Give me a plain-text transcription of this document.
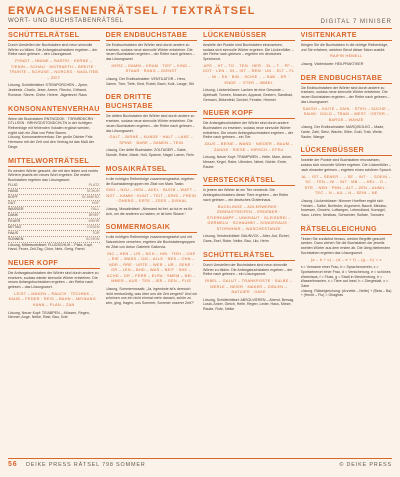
ERWACHSENENRÄTSEL / TEXTRÄTSEL
WORT- UND BUCHSTABENRÄTSEL	DIGITAL 7 MINISER
SCHÜTTELRÄTSEL
Durch Umstellen der Buchstaben sind neun sinnvolle Wörter zu bilden. Die Anfangsbuchstaben ergeben – der Reihe nach gelesen – den Lösungswort.
PONDT – NNIME – RARTEI · KERNE – TIENIN – SCHAU · WSTRAETH – BREITE · TRÜNTE – SCHÜSE – NORCEG · NAGLITEB – ZEIT
Lösung, Schüttelrätsel: STEINPORCHEN – Zpem, Jeabesle, Charlo, Jeser, Arrere, Fliecho, Orthand, Romece, Stevre, Chirte, Heiere, Jägertezel, Raus
KONSONANTENVERHAU
Wenn die Buchstaben RNTNGDOK · TSRNRDKCRN · DTLLSSN · BRHVGDSTGNDCHLTN in der richtigen Reihenfolge mit fehlenden Vokalen ergänzt werden, ergibt sich ein Zitat von Peter Bamm.
Lösung, Konsonantenverhau: Der große Dichter Fritz Hermann mit der Zeit und den Vertrag ist das Maß der Dinge.
MITTELWORTRÄTSEL
Es werden Wörter gesucht, die mit den linken und rechts Wörtern jeweils ein neues Wort ergeben. Die ersten Buchstaben ergeben das Lösungswort.
FLUG	PLATZ
HAND	SCHUH
KOPF	SCHMERZ
GUT	HOF
WASSER	FALL
DANK	BRIEF
FEUER	WEHR
MITTAG	ESSEN
HAUS	TÜR
SONNEN	SCHEIN
Lösung, Mittelworträtsel: FLUGSCHUH – Platz, Kopf, Hand, Feuer, Zeil-Tag, Chiur, Netz, Gerig, Pamd
NEUER KOPF
Die Anfangsbuchstaben der Wörter sind durch andere zu ersetzen, sodass wieder sinnvolle Wörter entstehen. Die neuen Anfangsbuchstaben ergeben – der Reihe nach gelesen – das Lösungswort.
LEIST – MAKEN – RAUCH · TECHNIK – KAUB – FEDER · REIS – BAHN – MEINUNG · KANN – PLAN – ZAN
Lösung, Neuer Kopf: TEIABPEN – Müssen, Regen, Nenner, Auge, Nelke, Rast, Bau, Gott
DER ENDBUCHSTABE
Die Endbuchstaben der Wörter sind durch andere zu ersetzen, sodass neue sinnvolle Wörter entstehen. Die neuen Buchstaben ergeben – der Reihe nach gelesen – das Lösungswort.
HERZ – DAMM – KRAM · TIEF – KIND – STAAR · RANG – DIENST
Lösung, Der Endbuchstabe: VENTILATOR – Hero, Damm, Trier, Tiefe, Kind, Rubel, Bach, Kolk, Lauge, Stir
DER DRITTE BUCHSTABE
Die dritten Buchstaben der Wörter sind durch andere zu ersetzen, sodass neue sinnvolle Wörter entstehen. Die neuen Buchstaben ergeben – der Reihe nach gelesen – das Lösungswort.
GALT – BIRNE – KUNDE · HALT – LAKE – SPINE · BARE – SAMEN – TEIN
Lösung, Der dritte Buchstabe: ZOLTAGER – Gabe, Stunde, Rabe, Made, Holl, Spanne, Nagel, Lamm, Rein
MOSAIKRÄTSEL
In die richtigen Reihenfolge zusammengesetzt, ergeben die Buchstabengruppen ein Zitat von Mark Twain.
EBO – NZU – HEN – AKEL · BLEIB – WAFT – NOT – KAMM · KUNT – TEIT – ERIS – FREIN · ÖHERG – ERTE – ZSES – DISKAL
Lösung, Mosaikrätsel: „Niemand ist frei, so tut er es für sich, um die anderen zu haben, er ist kein Sklave.“
SOMMERMOSAIK
In die richtigen Reihenfolge zusammengesetzt und mit Satzzeichen versehen, ergeben die Buchstabengruppen ein Zitat von Anton Gabriele Galiorvia.
INC – HEN – LIR – NCH – HIN · TIEH – CHE – RIE – WASS – DM – ALLE · NES – OHN – NDR – RRE · URTE – WER – UR – SENS · DR – LEN – BHD – WAS – NEIT · SHE – ACHD – DR – FERR – ELRA · SMEM – NEI – MMER – AUS · TEN – IER – GEN – FLIE
Lösung, Sommermosaik: „Ja, irgendwie ist's dennoch nicht merkwürdig, was über uns die Zeit zergeht? Und wir scheinen uns ein nicht einmal mehr danach, schön zu sein, ging, fragen, uns Sommer, Sommer unserer Zeit?“
LÜCKENBÜSSER
Anstelle der Punkte sind Buchstaben einzusetzen, sodass sich sinnvolle Wörter ergeben. Die Lückenfüller – der Reihe nach gelesen – ergeben ein deutsches Sprichwort.
APE .. HT – TO .. TEN · HER .. EL – T .. PF – DOT · LEN .. IN – IST .. REM · UN .. ELT – FL .. NI .. EK · BIN .. SCHIE .. – SAB .. ER · ENDE ... STER – IMMEL
Lösung, Lückenbüsser: Lachen ist eine Gesunde – Apfelsaft, Tonnen, Museum, Apparat, Gestern, Sandbad, Gemach, Birkenfeld, Deckel, Fenster, Himmel
NEUER KOPF
Die Anfangsbuchstaben der Wörter sind durch andere Buchstaben zu ersetzen, sodass neue sinnvolle Wörter entstehen. Die neuen Anfangsbuchstaben ergeben – der Reihe nach gelesen – ein Tier.
ZAUS – BEINE – WAND · NIEDER – BAUM – ZANGE · RIESE – HIRSCH – EFEU
Lösung, Neuer Kopf: TRAMPWEN – Helle, Mam, Anker, Messer, Kegel, Rabe, Ufenden, Nebel, Nichte, Ernte, Raube
VERSTECKRÄTSEL
In jedem der Wörter ist ein Tier versteckt. Die Anfangsbuchstaben dieser Tiere ergeben – der Reihe nach gelesen – ein deutsches Grafenhaus.
BUCKLINGE – ADLERWERKE · ZEBRASTREIFEN – ERDEBER · STIERKAMPF – UNKRAUT · GLEISDREI – GERMELU · SCHAUMEI – SONDERAUS · STORMHÄR – WÄSCHESTANZE
Lösung, Versteckrätsel: BAUNVCK – Alter, Aut, Eichel, Gans, Esel, Robe, Nelke, Bau, Lilo, Helm
SCHÜTTELRÄTSEL
Durch Umstellen der Buchstaben sind neun sinnvolle Wörter zu bilden. Die Anfangsbuchstaben ergeben – der Reihe nach gelesen – ein Lösungswort.
RIBEL – GALUT – TRANKPOSTE · SALBE – MERLE – NEIER · MAKER – GIBLEN – NATUIER · GAKE
Lösung, Schüttelrätsel: ABSOLVIEREN – Abend, Bersag, Lusia, Anker, Gleich, Helle, Regen, Leder, Haus, Mieze, Rauke, Rufe, Nelke
VISITENKARTE
Bringen Sie die Buchstaben in die richtige Reihenfolge, und Sie erfahren, welchen Beruf dieser Mann ausübt.
RAIFIN HEMELL
Lösung, Visitenkarte: HEILPRAKTIKER
DER ENDBUCHSTABE
Die Endbuchstaben der Wörter sind durch andere zu ersetzen, sodass neue sinnvolle Wörter entstehen. Die neuen Buchstaben ergeben – der Reihe nach gelesen – das Lösungswort.
SAKSH – KAITE – ZAHL · STEH – SUCHE – SAUM · GOLD – TRAM – WEST · OSTER – BARGE – WANZE
Lösung, Der Endbuchstabe: MARQISOLKO – Made, Kante, Zahl, Stelz, Wache, Silbe, Gold, Trab, Weite, Raube, Wange
LÜCKENBÜSSER
Anstelle der Punkte sind Buchstaben einzusetzen, sodass sich sinnvolle Wörter ergeben. Die Lückenfüller – nach einander gelesen – ergeben einen schönen Spruch.
AL .. IST – SENER .. – SE .. INT · .. SOEIN – SC .. TEN – NI .. INT · MB .. – HEL .. D – STR .. NEN · PMN – ALT – ZEN – AUMIL · TEC .. N – AIL – N – SEIN – NE
Lösung, Lückenbüsser: Nimmer Hoeffner ergibt sich Frieden – Salbe, Burfinder, Argument, Bauxit, Miniatur, Anwesen, Gewehr, Luftwegen, Lebendland, Konsigel, Haus, Leben, Nestbau, Schwester, Sulfate, Tuesden
RÄTSELGLEICHUNG
Finden Sie zunächst heraus, welche Begriffe gesucht werden. Dann ziehen Sie die Buchstaben der jeweils zweiten Wörter aus dem ersten ab. Die übrig bleibenden Buchstaben ergeben das Lösungswort.
(a – b + c) – (d – e + f) – (g – h) = x
a = Vorname einer Frau, b = Sprachenverein, c = Sportartnerort einer Frau, d = Versicherung, e = schönes Warenlaus, f = Fluss, g = Stadt in Mecklenburg, h = Wasserlimanien, x = Tiere auf Insel, h = Ziergestalt, x = Gabe
Lösung, Rätselgleichung: (Annette – Nette) + (Beta – Ba) + (Hecht – Flu) = Ghaghas
56 DEIKE PRESS RÄTSEL 798 SOMMER	© DEIKE PRESS
